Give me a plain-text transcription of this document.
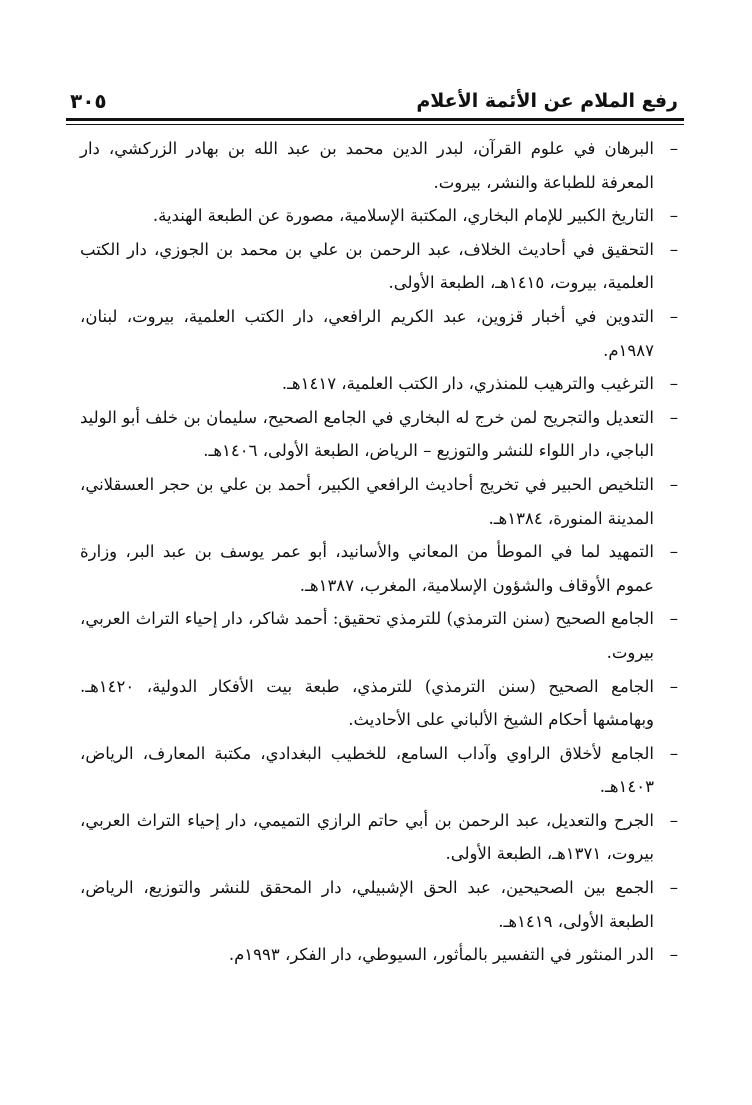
رفع الملام عن الأئمة الأعلام
٣٠٥
–
البرهان في علوم القرآن، لبدر الدين محمد بن عبد الله بن بهادر الزركشي، دار المعرفة للطباعة والنشر، بيروت.
–
التاريخ الكبير للإمام البخاري، المكتبة الإسلامية، مصورة عن الطبعة الهندية.
–
التحقيق في أحاديث الخلاف، عبد الرحمن بن علي بن محمد بن الجوزي، دار الكتب العلمية، بيروت، ١٤١٥هـ، الطبعة الأولى.
–
التدوين في أخبار قزوين، عبد الكريم الرافعي، دار الكتب العلمية، بيروت، لبنان، ١٩٨٧م.
–
الترغيب والترهيب للمنذري، دار الكتب العلمية، ١٤١٧هـ.
–
التعديل والتجريح لمن خرج له البخاري في الجامع الصحيح، سليمان بن خلف أبو الوليد الباجي، دار اللواء للنشر والتوزيع – الرياض، الطبعة الأولى، ١٤٠٦هـ.
–
التلخيص الحبير في تخريج أحاديث الرافعي الكبير، أحمد بن علي بن حجر العسقلاني، المدينة المنورة، ١٣٨٤هـ.
–
التمهيد لما في الموطأ من المعاني والأسانيد، أبو عمر يوسف بن عبد البر، وزارة عموم الأوقاف والشؤون الإسلامية، المغرب، ١٣٨٧هـ.
–
الجامع الصحيح (سنن الترمذي) للترمذي تحقيق: أحمد شاكر، دار إحياء التراث العربي، بيروت.
–
الجامع الصحيح (سنن الترمذي) للترمذي، طبعة بيت الأفكار الدولية، ١٤٢٠هـ. وبهامشها أحكام الشيخ الألباني على الأحاديث.
–
الجامع لأخلاق الراوي وآداب السامع، للخطيب البغدادي، مكتبة المعارف، الرياض، ١٤٠٣هـ.
–
الجرح والتعديل، عبد الرحمن بن أبي حاتم الرازي التميمي، دار إحياء التراث العربي، بيروت، ١٣٧١هـ، الطبعة الأولى.
–
الجمع بين الصحيحين، عبد الحق الإشبيلي، دار المحقق للنشر والتوزيع، الرياض، الطبعة الأولى، ١٤١٩هـ.
–
الدر المنثور في التفسير بالمأثور، السيوطي، دار الفكر، ١٩٩٣م.
